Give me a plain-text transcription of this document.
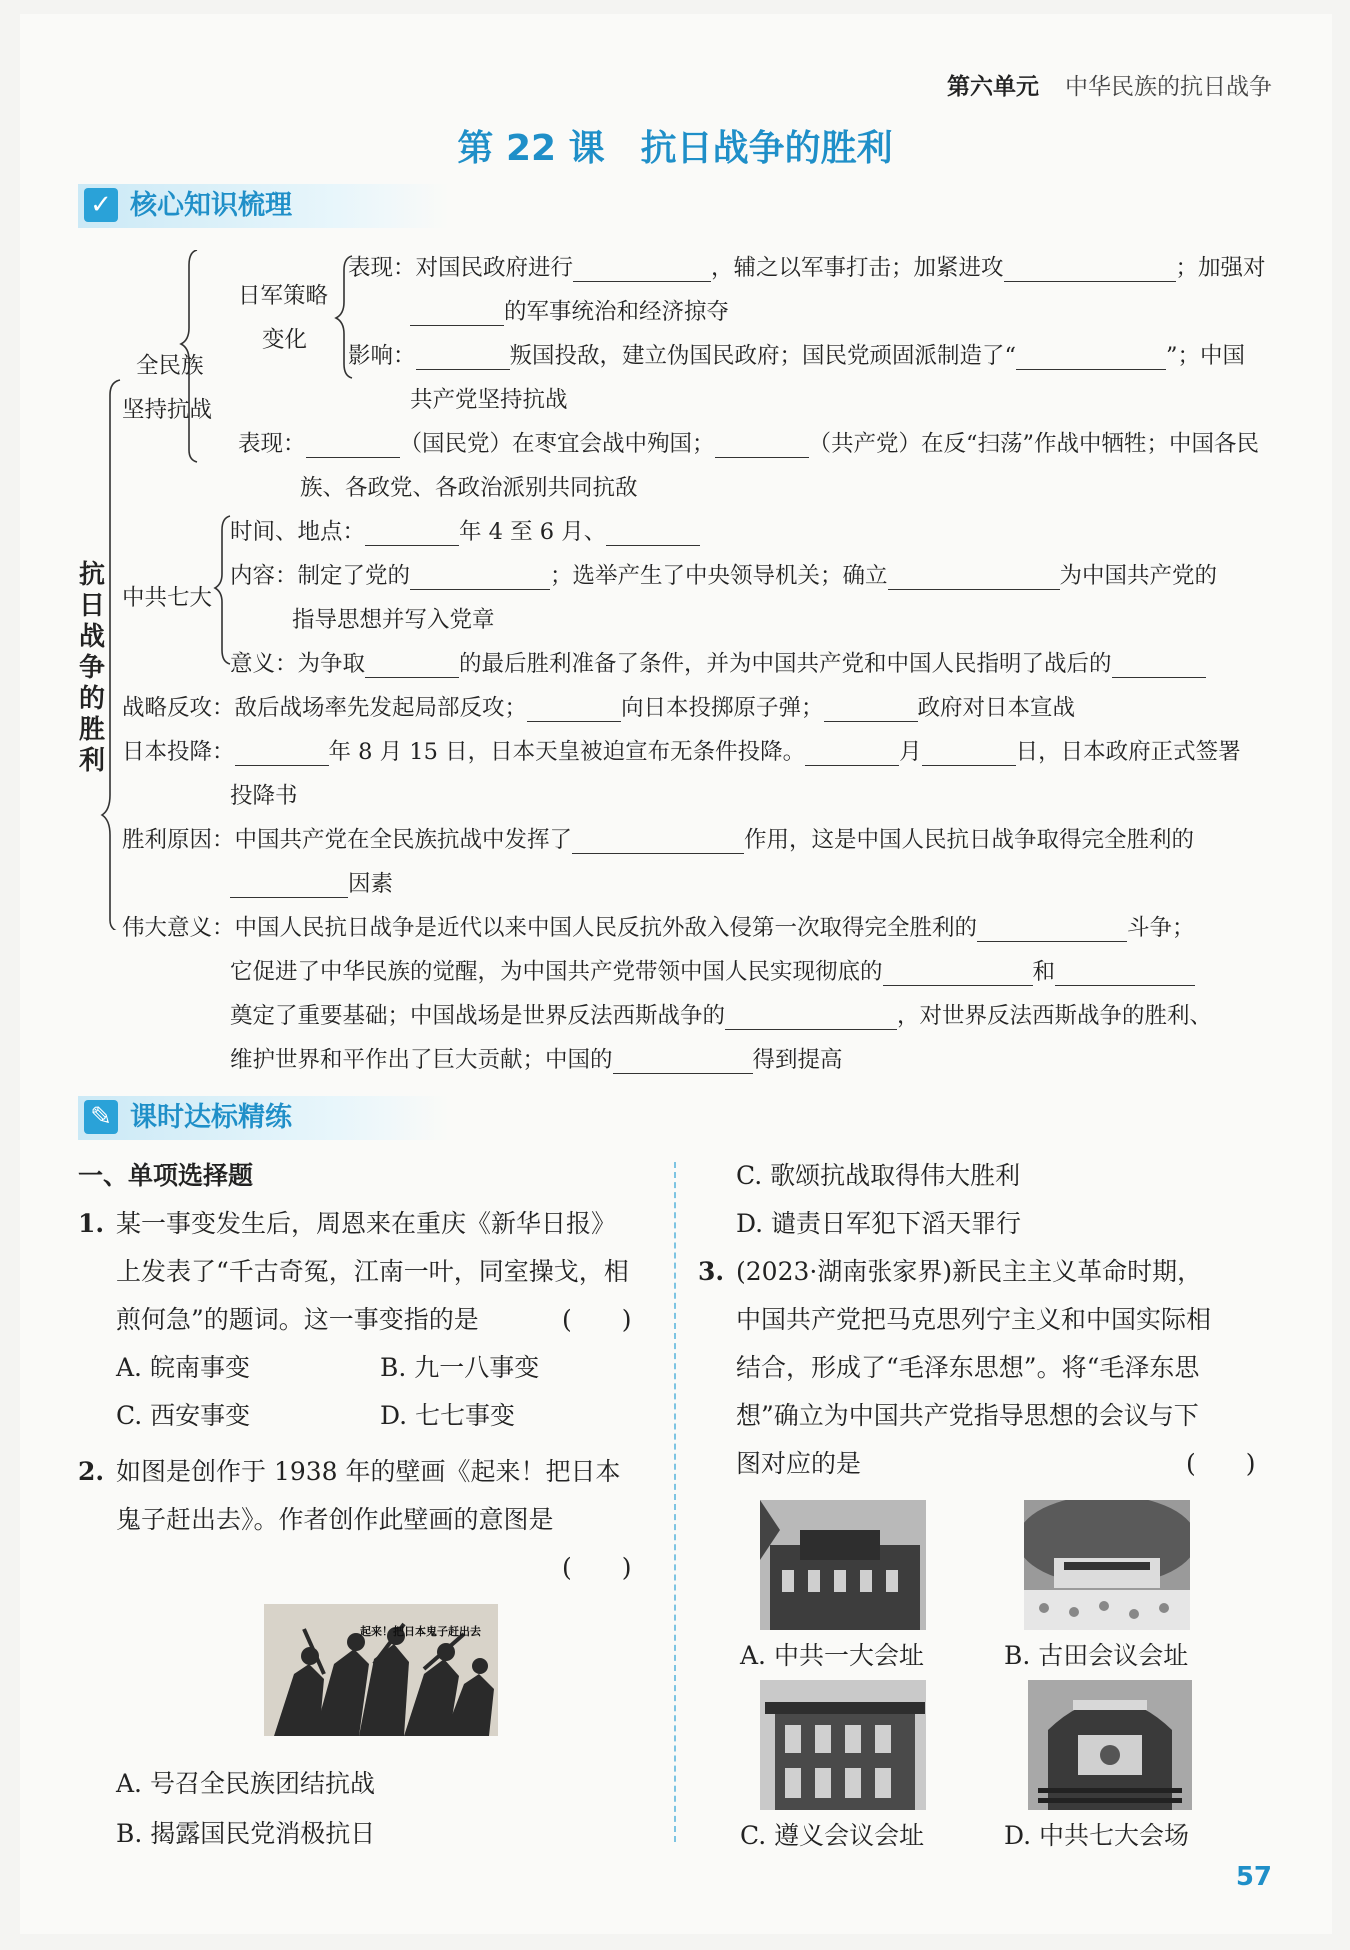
第六单元 中华民族的抗日战争
第 22 课　抗日战争的胜利
✓ 核心知识梳理
抗日战争的胜利
全民族
坚持抗战
日军策略
变化
表现：对国民政府进行	，辅之以军事打击；加紧进攻	；加强对
的军事统治和经济掠夺
影响：	叛国投敌，建立伪国民政府；国民党顽固派制造了“	”；中国
共产党坚持抗战
表现：	（国民党）在枣宜会战中殉国；	（共产党）在反“扫荡”作战中牺牲；中国各民
族、各政党、各政治派别共同抗敌
中共七大
时间、地点：	年 4 至 6 月、
内容：制定了党的	；选举产生了中央领导机关；确立	为中国共产党的
指导思想并写入党章
意义：为争取	的最后胜利准备了条件，并为中国共产党和中国人民指明了战后的
战略反攻：敌后战场率先发起局部反攻；	向日本投掷原子弹；	政府对日本宣战
日本投降：	年 8 月 15 日，日本天皇被迫宣布无条件投降。	月	日，日本政府正式签署
投降书
胜利原因：中国共产党在全民族抗战中发挥了	作用，这是中国人民抗日战争取得完全胜利的
因素
伟大意义：中国人民抗日战争是近代以来中国人民反抗外敌入侵第一次取得完全胜利的	斗争；
它促进了中华民族的觉醒，为中国共产党带领中国人民实现彻底的	和
奠定了重要基础；中国战场是世界反法西斯战争的	，对世界反法西斯战争的胜利、
维护世界和平作出了巨大贡献；中国的	得到提高
✎ 课时达标精练
一、单项选择题
1. 某一事变发生后，周恩来在重庆《新华日报》
上发表了“千古奇冤，江南一叶，同室操戈，相
煎何急”的题词。这一事变指的是	(　　)
A. 皖南事变	B. 九一八事变
C. 西安事变	D. 七七事变
2. 如图是创作于 1938 年的壁画《起来！把日本
鬼子赶出去》。作者创作此壁画的意图是
(　　)
起来！把日本鬼子赶出去
A. 号召全民族团结抗战
B. 揭露国民党消极抗日
C. 歌颂抗战取得伟大胜利
D. 谴责日军犯下滔天罪行
3. (2023·湖南张家界)新民主主义革命时期，
中国共产党把马克思列宁主义和中国实际相
结合，形成了“毛泽东思想”。将“毛泽东思
想”确立为中国共产党指导思想的会议与下
图对应的是	(　　)
A. 中共一大会址	B. 古田会议会址
C. 遵义会议会址	D. 中共七大会场
57
